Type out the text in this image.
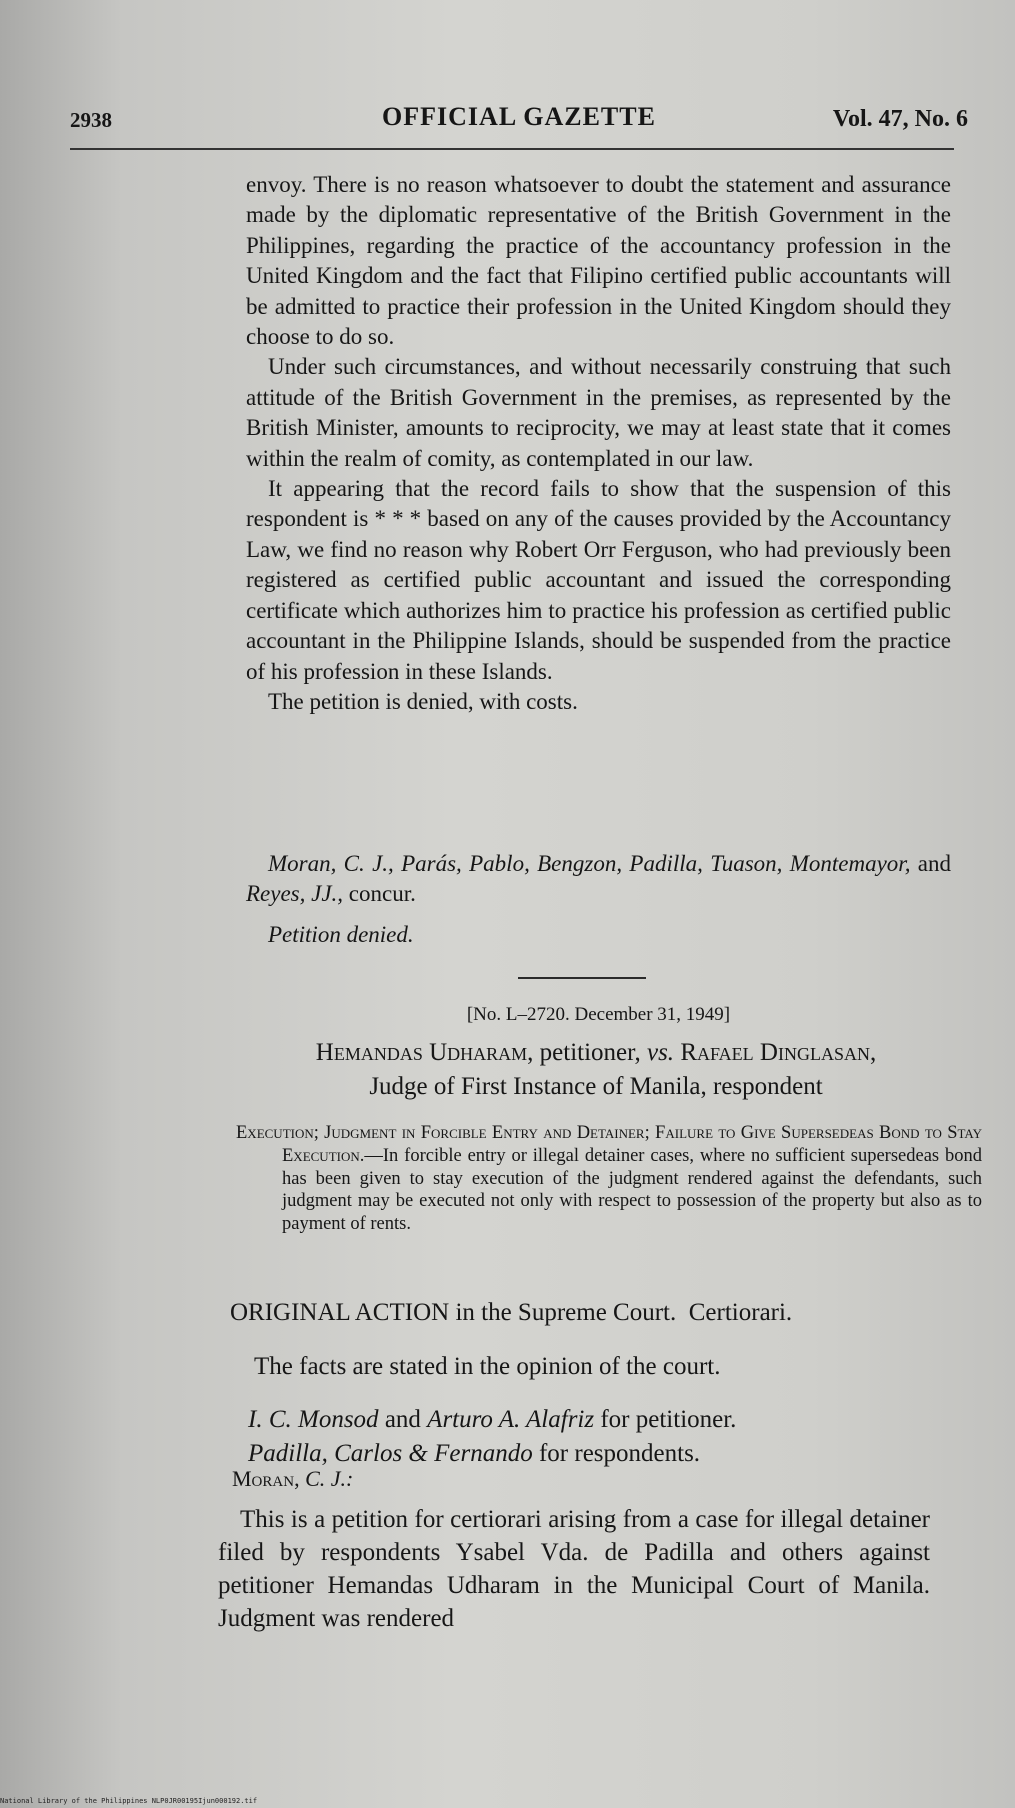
2938	OFFICIAL GAZETTE	Vol. 47, No. 6

envoy. There is no reason whatsoever to doubt the statement and assurance made by the diplomatic representative of the British Government in the Philippines, regarding the practice of the accountancy profession in the United Kingdom and the fact that Filipino certified public accountants will be admitted to practice their profession in the United Kingdom should they choose to do so.

Under such circumstances, and without necessarily construing that such attitude of the British Government in the premises, as represented by the British Minister, amounts to reciprocity, we may at least state that it comes within the realm of comity, as contemplated in our law.

It appearing that the record fails to show that the suspension of this respondent is * * * based on any of the causes provided by the Accountancy Law, we find no reason why Robert Orr Ferguson, who had previously been registered as certified public accountant and issued the corresponding certificate which authorizes him to practice his profession as certified public accountant in the Philippine Islands, should be suspended from the practice of his profession in these Islands.

The petition is denied, with costs.

Moran, C. J., Parás, Pablo, Bengzon, Padilla, Tuason, Montemayor, and Reyes, JJ., concur.

Petition denied.

[No. L–2720. December 31, 1949]
Hemandas Udharam, petitioner, vs. Rafael Dinglasan,
Judge of First Instance of Manila, respondent
Execution; Judgment in Forcible Entry and Detainer; Failure to Give Supersedeas Bond to Stay Execution.—In forcible entry or illegal detainer cases, where no sufficient supersedeas bond has been given to stay execution of the judgment rendered against the defendants, such judgment may be executed not only with respect to possession of the property but also as to payment of rents.
ORIGINAL ACTION in the Supreme Court. Certiorari.
The facts are stated in the opinion of the court.
I. C. Monsod and Arturo A. Alafriz for petitioner.
Padilla, Carlos & Fernando for respondents.
Moran, C. J.:

This is a petition for certiorari arising from a case for illegal detainer filed by respondents Ysabel Vda. de Padilla and others against petitioner Hemandas Udharam in the Municipal Court of Manila. Judgment was rendered

National Library of the Philippines NLP0JR00195Ijun000192.tif
